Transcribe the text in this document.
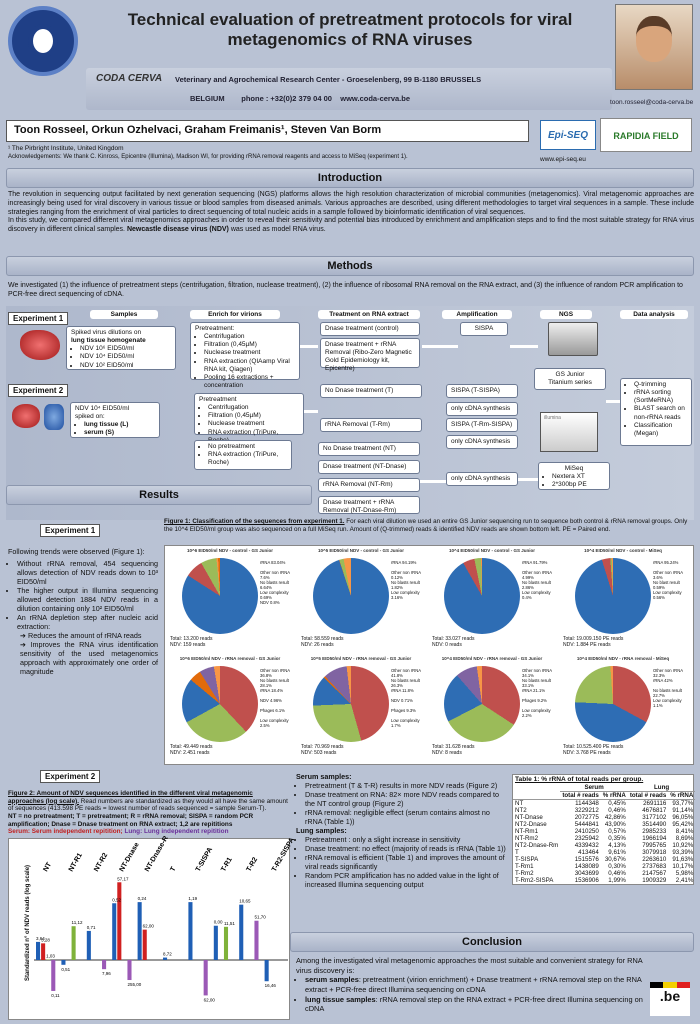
Technical evaluation of pretreatment protocols for viral metagenomics of RNA viruses
CODA CERVA Veterinary and Agrochemical Research Center - Groeselenberg, 99 B-1180 BRUSSELS
BELGIUM        phone : +32(0)2 379 04 00    www.coda-cerva.be	toon.rosseel@coda-cerva.be
Toon Rosseel, Orkun Ozhelvaci, Graham Freimanis¹, Steven Van Borm
¹ The Pirbright Institute, United Kingdom
Acknowledgements: We thank C. Kinross, Epicentre (Illumina), Madison WI, for providing rRNA removal reagents and access to MiSeq (experiment 1).
Epi-SEQ	RAPIDIA FIELD
www.epi-seq.eu
Introduction

The revolution in sequencing output facilitated by next generation sequencing (NGS) platforms allows the high resolution characterization of microbial communities (metagenomics). Viral metagenomic approaches are increasingly being used for viral discovery in various tissue or blood samples from diseased animals. Various approaches are described, using different methodologies to target viral sequences in a sample. These include strategies ranging from the enrichment of viral particles to direct sequencing of total nucleic acids in a sample followed by bioinformatic identification of viral sequences.

In this study, we compared different viral metagenomics approaches in order to reveal their sensitivity and potential bias introduced by enrichment and amplification steps and to find the most suitable strategy for RNA virus discovery in different clinical samples. Newcastle disease virus (NDV) was used as model RNA virus.

Methods
We investigated (1) the influence of pretreatment steps (centrifugation, filtration, nuclease treatment), (2) the influence of ribosomal RNA removal on the RNA extract, and (3) the influence of random PCR amplification to PCR-free direct sequencing of cDNA.
Samples	Enrich for virions	Treatment on RNA extract	Amplification	NGS	Data analysis
Experiment 1
Spiked virus dilutions on
lung tissue homogenate
• NDV 10⁶ EID50/ml
• NDV 10⁴ EID50/ml
• NDV 10² EID50/ml
Pretreatment:
• Centrifugation
• Filtration (0,45µM)
• Nuclease treatment
• RNA extraction (QIAamp Viral RNA kit, Qiagen)
• Pooling 16 extractions + concentration
Dnase treatment (control)
Dnase treatment + rRNA Removal (Ribo-Zero Magnetic Gold Epidemiology kit, Epicentre)
SISPA
GS Junior
Titanium series
Experiment 2
NDV 10⁴ EID50/ml
spiked on:
• lung tissue (L)
• serum (S)
Pretreatment
• Centrifugation
• Filtration (0,45µM)
• Nuclease treatment
• RNA extraction (TriPure,
• No pretreatment
• RNA extraction (TriPure, Roche)
No Dnase treatment (T)
rRNA Removal (T-Rm)
No Dnase treatment (NT)
Dnase treatment (NT-Dnase)
rRNA Removal (NT-Rm)
Dnase treatment + rRNA Removal (NT-Dnase-Rm)
SISPA (T-SISPA)
only cDNA synthesis
SISPA (T-Rm-SISPA)
only cDNA synthesis
only cDNA synthesis
illumina
MiSeq
• Nextera XT
• 2*300bp PE
• Q-trimming
• rRNA sorting (SortMeRNA)
• BLAST search on non-rRNA reads
• Classification (Megan)
Results
Experiment 1
Figure 1: Classification of the sequences from experiment 1. For each viral dilution we used an entire GS Junior sequencing run to sequence both control & rRNA removal groups. Only the 10^4 EID50/ml group was also sequenced on a full MiSeq run. Amount of (Q-trimmed) reads & identified NDV reads are shown bottom left. PE = Paired end.

Following trends were observed (Figure 1):

• Without rRNA removal, 454 sequencing allows detection of NDV reads down to 10³ EID50/ml
• The higher output in Illumina sequencing allowed detection 1884 NDV reads in a dilution containing only 10² EID50/ml
• An rRNA depletion step after nucleic acid extraction:

➔ Reduces the amount of rRNA reads

➔ Improves the RNA virus identification sensitivity of the used metagenomics approach with approximately one order of magnitude

10^6 EID50/ml NDV - control - GS Junior
rRNA 83.04%
Other non rRNA 7.6%
No blasts result 6.64%
Low complexity 0.69%
NDV 0.8%
Total: 13.200 reads
NDV: 159 reads
10^5 EID50/ml NDV - control - GS Junior
rRNA 94.19%
Other non rRNA 0.12%
No blasts result 1.82%
Low complexity 3.16%
Total: 58.559 reads
NDV: 26 reads
10^4 EID50/ml NDV - control - GS Junior
rRNA 91.79%
Other non rRNA 4.99%
No blasts result 2.86%
Low complexity 0.4%
Total: 33.027 reads
NDV: 0 reads
10^4 EID50/ml NDV - control - MiSeq
rRNA 95.24%
Other non rRNA 3.6%
No blast result 0.59%
Low complexity 0.56%
Total: 19.009.150 PE reads
NDV: 1.884 PE reads
10^6 EID50/ml NDV - rRNA removal - GS Junior
Other non rRNA 36.8%
No blasts result 28.1%
rRNA 18.4%
NDV 4.96%
Phages 6.1%
Low complexity 2.5%
Total: 49.449 reads
NDV: 2.451 reads
10^5 EID50/ml NDV - rRNA removal - GS Junior
Other non rRNA 41.8%
No blasts result 26.3%
rRNA 11.8%
NDV 0.71%
Phages 9.3%
Low complexity 1.7%
Total: 70.969 reads
NDV: 503 reads
10^4 EID50/ml NDV - rRNA removal - GS Junior
Other non rRNA 34.1%
No blasts result 33.1%
rRNA 21.1%
Phages 9.2%
Low complexity 2.2%
Total: 31.628 reads
NDV: 8 reads
10^4 EID50/ml NDV - rRNA removal - MiSeq
Other non rRNA 32.3%
rRNA 42%
No blasts result 22.7%
Low complexity 1.1%
Total: 10.525.400 PE reads
NDV: 3.768 PE reads
Experiment 2
Figure 2: Amount of NDV sequences identified in the different viral metagenomic approaches (log scale). Read numbers are standardized as they would all have the same amount of sequences (413.598 PE reads = lowest number of reads sequenced = sample Serum-T).
NT = no pretreatment; T = pretreatment; R = rRNA removal; SISPA = random PCR amplification; Dnase = Dnase treatment on RNA extract; 1,2 are repititions
Serum: Serum independent repitition; Lung: Lung independent repitition
Standardized n° of NDV reads (log scale) NT NT-R1 NT-R2 NT-Dnase NT-Dnase-R T T-SISPA T-R1 T-R2 T-R2-SISPA
3,64
3,28
1,03
0,11
0,51
11,12
0,71
7,96
0,52
57,17
255,00
0,24
62,00
8,72
1,19
62,00
0,00 11,51
10,65
51,70
16,46
Serum samples:
• Pretreatment (T & T-R) results in more NDV reads (Figure 2)
• Dnase treatment on RNA: 82× more NDV reads compared to the NT control group (Figure 2)
• rRNA removal: negligible effect (serum contains almost no rRNA (Table 1))
Lung samples:
• Pretreatment : only a slight increase in sensitivity
• Dnase treatment: no effect (majority of reads is rRNA (Table 1))
• rRNA removal is efficient (Table 1) and improves the amount of viral reads significantly
• Random PCR amplification has no added value in the light of increased Illumina sequencing output
Table 1: % rRNA of total reads per group.
	Serum		Lung	
	total # reads	% rRNA	total # reads	% rRNA
NT	1144348	0,45%	2691116	93,77%
NT2	3229212	0,46%	4676817	91,14%
NT-Dnase	2072775	42,86%	3177102	96,05%
NT2-Dnase	5444841	43,90%	3514490	95,42%
NT-Rm1	2410250	0,57%	2985233	8,41%
NT-Rm2	2325942	0,35%	1966194	8,69%
NT2-Dnase-Rm	4339432	4,13%	7995765	10,92%
T	413464	9,61%	3079918	93,39%
T-SISPA	1515576	30,67%	2263610	91,63%
T-Rm1	1438089	0,30%	2737683	10,17%
T-Rm2	3043699	0,46%	2147567	5,98%
T-Rm2-SISPA	1536906	1,99%	1909329	2,41%
Conclusion

Among the investigated viral metagenomic approaches the most suitable and convenient strategy for RNA virus discovery is:

• serum samples: pretreatment (virion enrichment) + Dnase treatment + rRNA removal step on the RNA extract + PCR-free direct Illumina sequencing on cDNA
• lung tissue samples: rRNA removal step on the RNA extract + PCR-free direct Illumina sequencing on cDNA
.be
